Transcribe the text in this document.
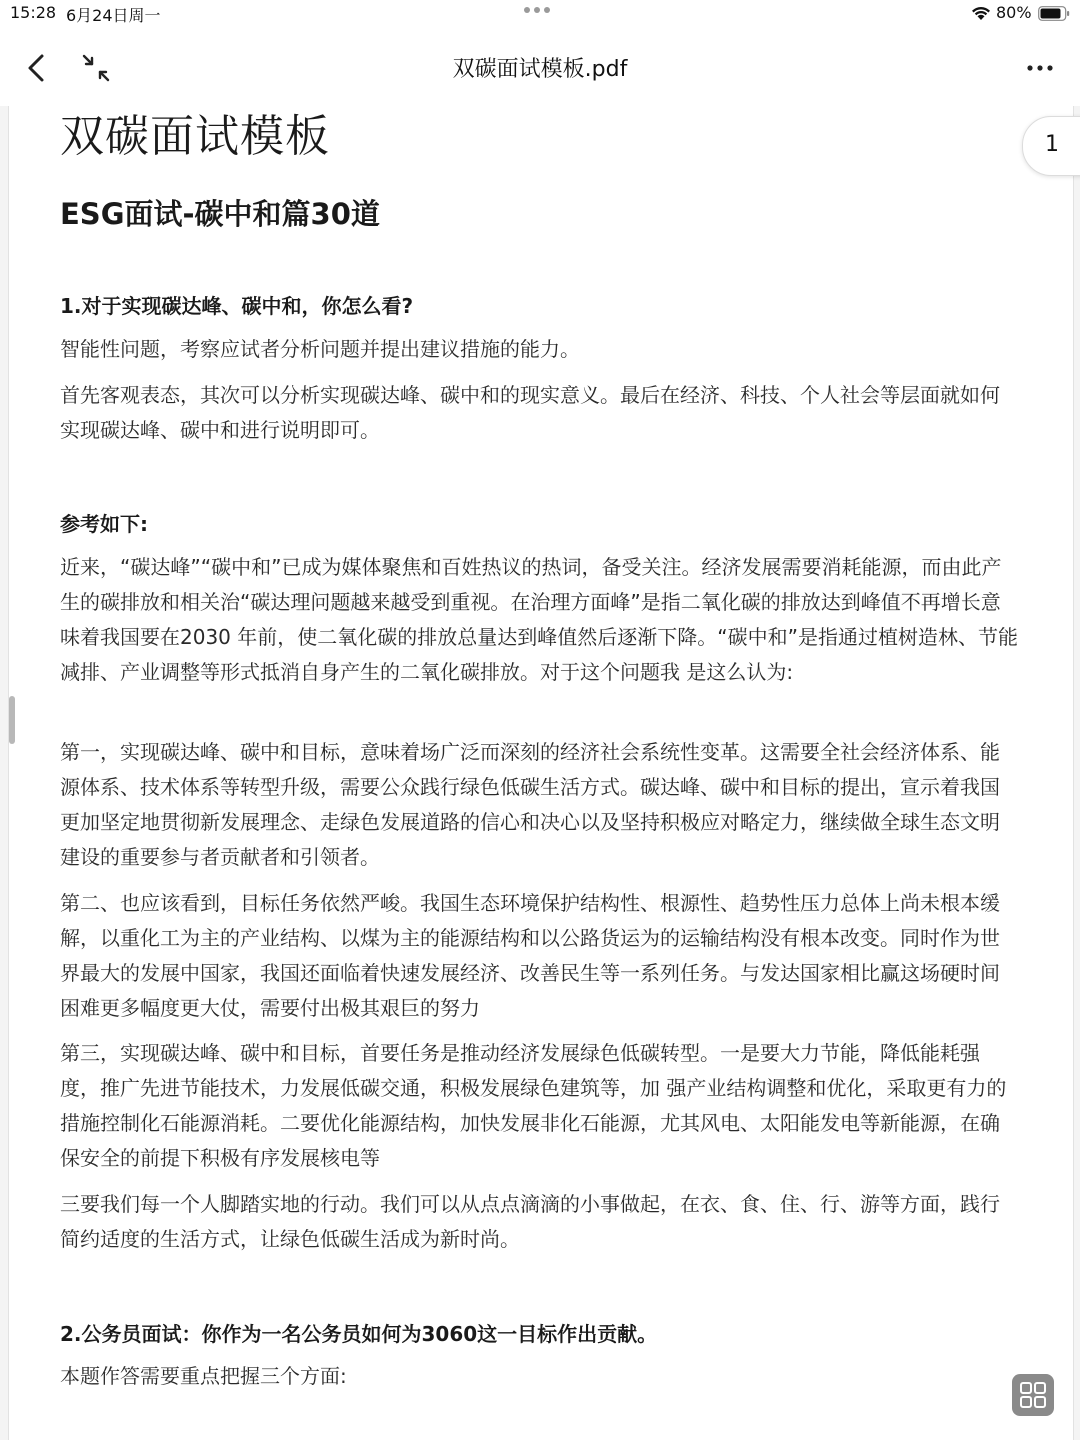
15:28 6月24日周一	80%
双碳面试模板.pdf
双碳面试模板
ESG面试-碳中和篇30道
1.对于实现碳达峰、碳中和，你怎么看?

智能性问题，考察应试者分析问题并提出建议措施的能力。

首先客观表态，其次可以分析实现碳达峰、碳中和的现实意义。最后在经济、科技、个人社会等层面就如何实现碳达峰、碳中和进行说明即可。

参考如下:

近来，“碳达峰”“碳中和”已成为媒体聚焦和百姓热议的热词，备受关注。经济发展需要消耗能源，而由此产生的碳排放和相关治“碳达理问题越来越受到重视。在治理方面峰”是指二氧化碳的排放达到峰值不再增长意味着我国要在2030 年前，使二氧化碳的排放总量达到峰值然后逐渐下降。“碳中和”是指通过植树造林、节能减排、产业调整等形式抵消自身产生的二氧化碳排放。对于这个问题我 是这么认为:

第一，实现碳达峰、碳中和目标，意味着场广泛而深刻的经济社会系统性变革。这需要全社会经济体系、能源体系、技术体系等转型升级，需要公众践行绿色低碳生活方式。碳达峰、碳中和目标的提出，宣示着我国更加坚定地贯彻新发展理念、走绿色发展道路的信心和决心以及坚持积极应对略定力，继续做全球生态文明建设的重要参与者贡献者和引领者。

第二、也应该看到，目标任务依然严峻。我国生态环境保护结构性、根源性、趋势性压力总体上尚未根本缓解，以重化工为主的产业结构、以煤为主的能源结构和以公路货运为的运输结构没有根本改变。同时作为世界最大的发展中国家，我国还面临着快速发展经济、改善民生等一系列任务。与发达国家相比赢这场硬时间困难更多幅度更大仗，需要付出极其艰巨的努力

第三，实现碳达峰、碳中和目标，首要任务是推动经济发展绿色低碳转型。一是要大力节能，降低能耗强度，推广先进节能技术，力发展低碳交通，积极发展绿色建筑等，加 强产业结构调整和优化，采取更有力的措施控制化石能源消耗。二要优化能源结构，加快发展非化石能源，尤其风电、太阳能发电等新能源，在确保安全的前提下积极有序发展核电等

三要我们每一个人脚踏实地的行动。我们可以从点点滴滴的小事做起，在衣、食、住、行、游等方面，践行简约适度的生活方式，让绿色低碳生活成为新时尚。

2.公务员面试：你作为一名公务员如何为3060这一目标作出贡献。

本题作答需要重点把握三个方面:

1
